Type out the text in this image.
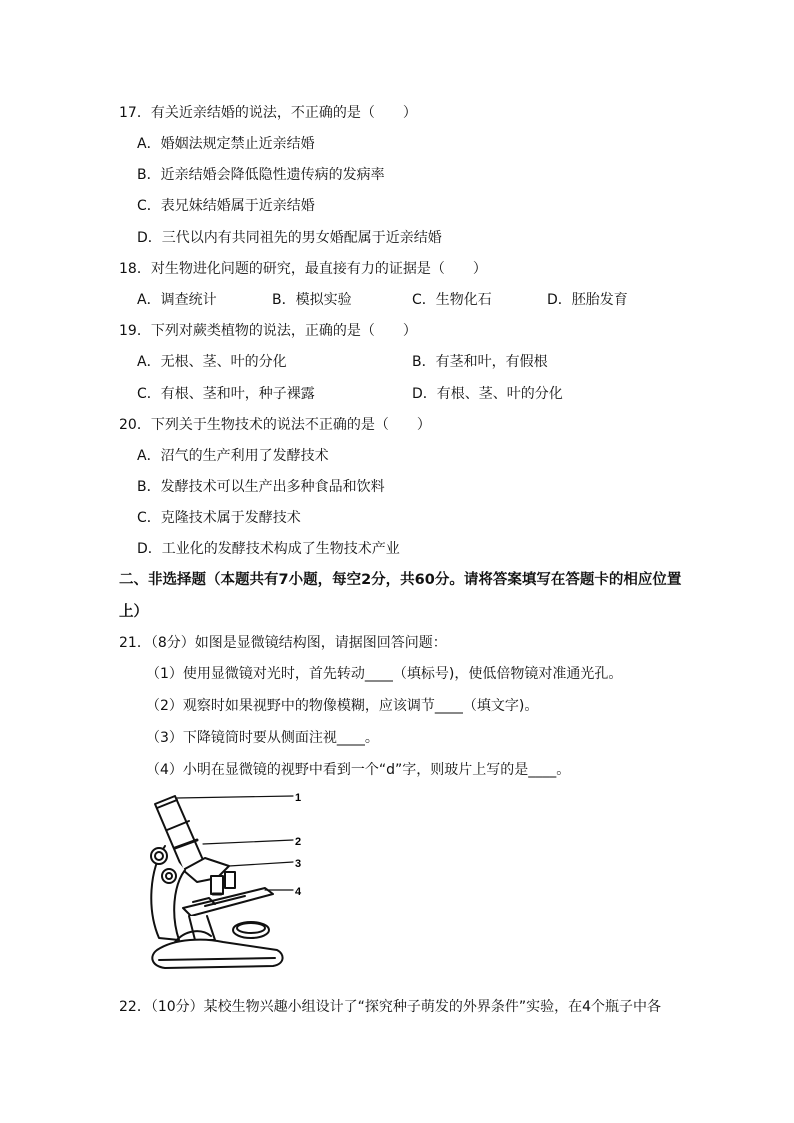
17．有关近亲结婚的说法，不正确的是（　　）
A．婚姻法规定禁止近亲结婚
B．近亲结婚会降低隐性遗传病的发病率
C．表兄妹结婚属于近亲结婚
D．三代以内有共同祖先的男女婚配属于近亲结婚
18．对生物进化问题的研究，最直接有力的证据是（　　）
A．调查统计	B．模拟实验	C．生物化石	D．胚胎发育
19．下列对蕨类植物的说法，正确的是（　　）
A．无根、茎、叶的分化	B．有茎和叶，有假根
C．有根、茎和叶，种子裸露	D．有根、茎、叶的分化
20．下列关于生物技术的说法不正确的是（　　）
A．沼气的生产利用了发酵技术
B．发酵技术可以生产出多种食品和饮料
C．克隆技术属于发酵技术
D．工业化的发酵技术构成了生物技术产业
二、非选择题（本题共有7小题，每空2分，共60分。请将答案填写在答题卡的相应位置
上）
21．（8分）如图是显微镜结构图，请据图回答问题：
（1）使用显微镜对光时，首先转动____（填标号)，使低倍物镜对准通光孔。
（2）观察时如果视野中的物像模糊，应该调节____（填文字)。
（3）下降镜筒时要从侧面注视____。
（4）小明在显微镜的视野中看到一个“d”字，则玻片上写的是____。
1
2
3
4
22．（10分）某校生物兴趣小组设计了“探究种子萌发的外界条件”实验，在4个瓶子中各
